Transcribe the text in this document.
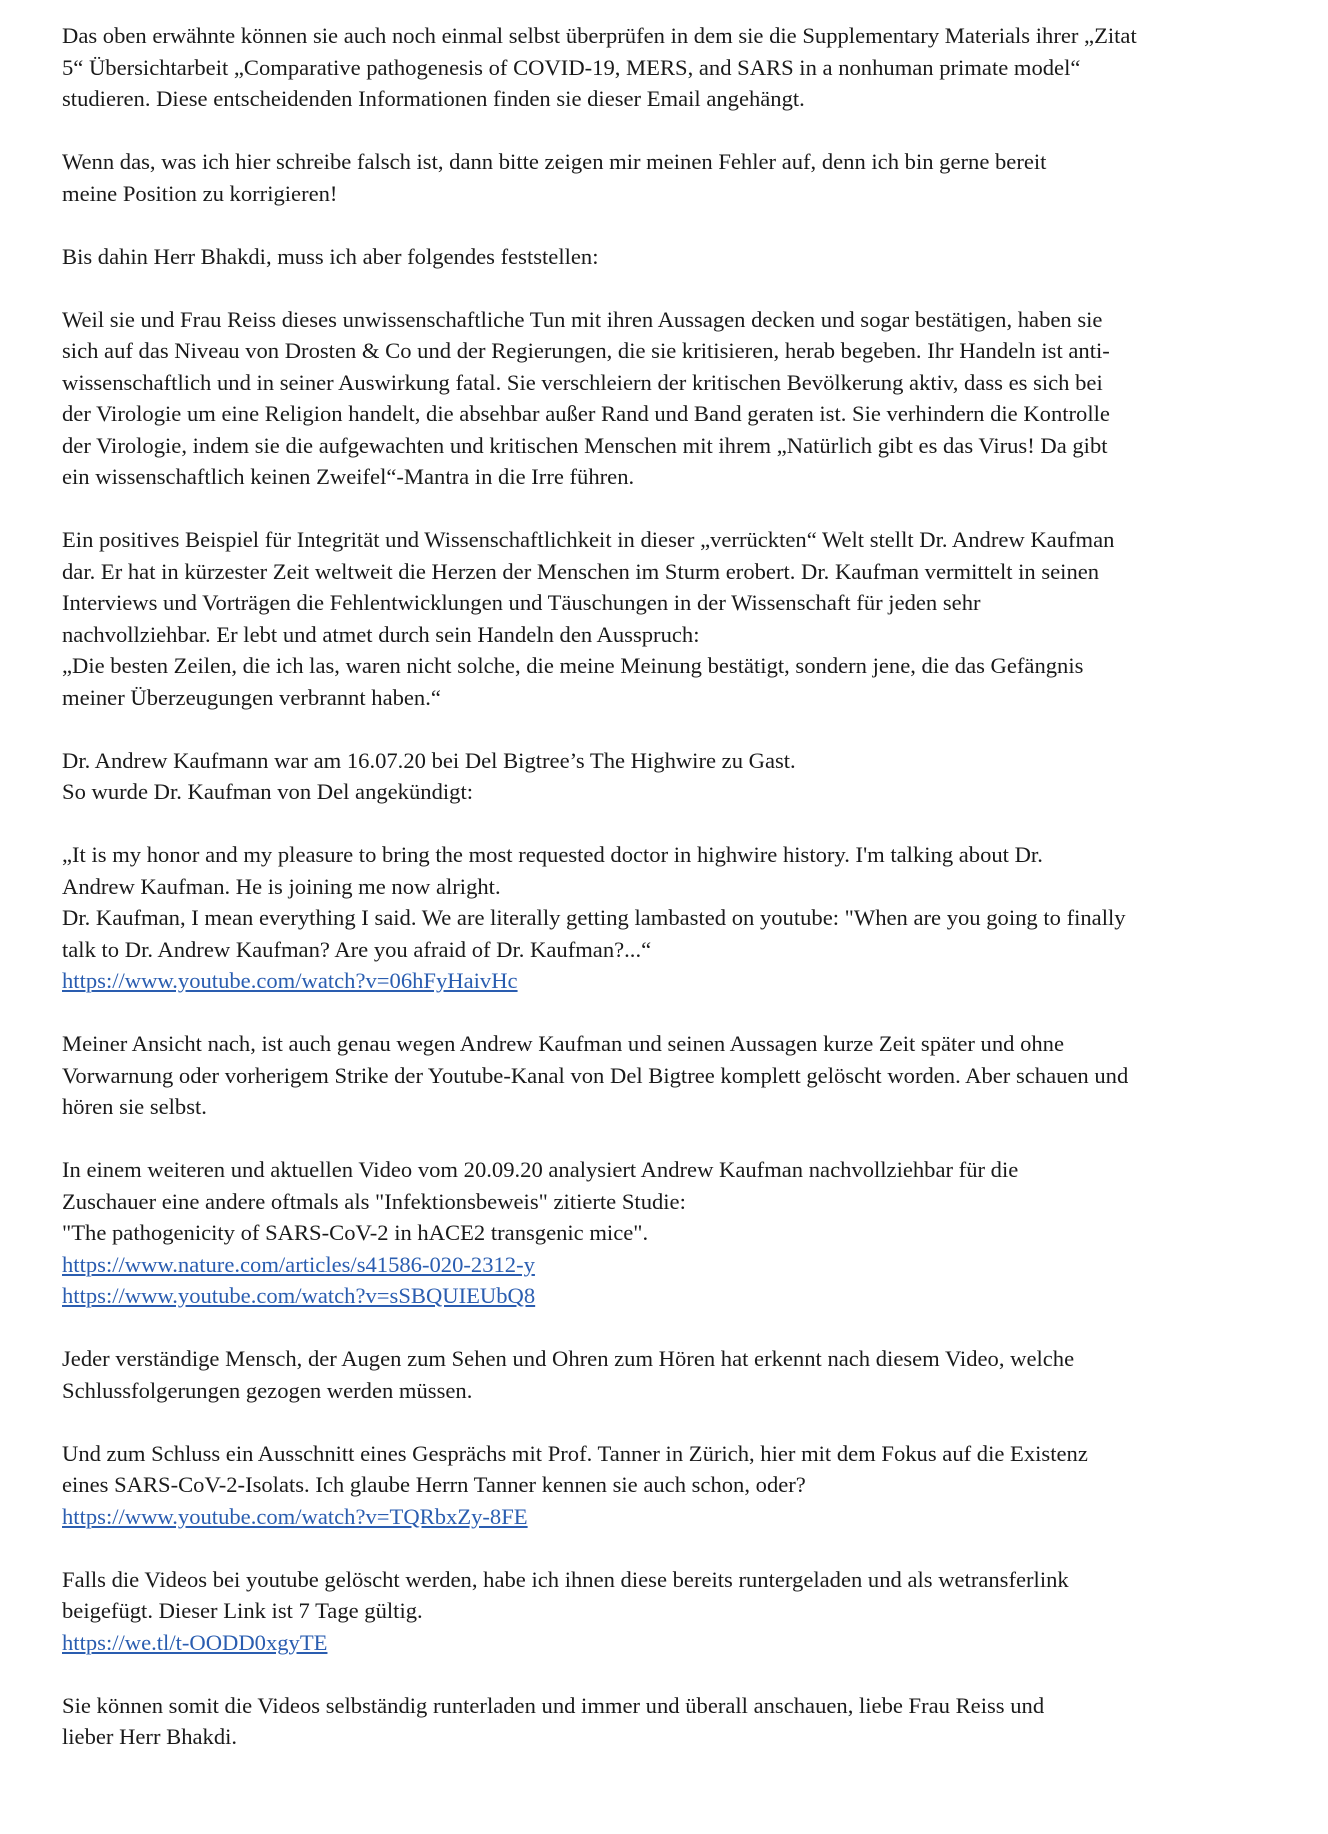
Das oben erwähnte können sie auch noch einmal selbst überprüfen in dem sie die Supplementary Materials ihrer „Zitat
5“ Übersichtarbeit „Comparative pathogenesis of COVID-19, MERS, and SARS in a nonhuman primate model“
studieren. Diese entscheidenden Informationen finden sie dieser Email angehängt.
Wenn das, was ich hier schreibe falsch ist, dann bitte zeigen mir meinen Fehler auf, denn ich bin gerne bereit
meine Position zu korrigieren!
Bis dahin Herr Bhakdi, muss ich aber folgendes feststellen:
Weil sie und Frau Reiss dieses unwissenschaftliche Tun mit ihren Aussagen decken und sogar bestätigen, haben sie
sich auf das Niveau von Drosten & Co und der Regierungen, die sie kritisieren, herab begeben. Ihr Handeln ist anti-
wissenschaftlich und in seiner Auswirkung fatal. Sie verschleiern der kritischen Bevölkerung aktiv, dass es sich bei
der Virologie um eine Religion handelt, die absehbar außer Rand und Band geraten ist. Sie verhindern die Kontrolle
der Virologie, indem sie die aufgewachten und kritischen Menschen mit ihrem „Natürlich gibt es das Virus! Da gibt
ein wissenschaftlich keinen Zweifel“-Mantra in die Irre führen.
Ein positives Beispiel für Integrität und Wissenschaftlichkeit in dieser „verrückten“ Welt stellt Dr. Andrew Kaufman
dar. Er hat in kürzester Zeit weltweit die Herzen der Menschen im Sturm erobert. Dr. Kaufman vermittelt in seinen
Interviews und Vorträgen die Fehlentwicklungen und Täuschungen in der Wissenschaft für jeden sehr
nachvollziehbar. Er lebt und atmet durch sein Handeln den Ausspruch:
„Die besten Zeilen, die ich las, waren nicht solche, die meine Meinung bestätigt, sondern jene, die das Gefängnis
meiner Überzeugungen verbrannt haben.“
Dr. Andrew Kaufmann war am 16.07.20 bei Del Bigtree’s The Highwire zu Gast.
So wurde Dr. Kaufman von Del angekündigt:
„It is my honor and my pleasure to bring the most requested doctor in highwire history. I'm talking about Dr.
Andrew Kaufman. He is joining me now alright.
Dr. Kaufman, I mean everything I said. We are literally getting lambasted on youtube: "When are you going to finally
talk to Dr. Andrew Kaufman? Are you afraid of Dr. Kaufman?...“
https://www.youtube.com/watch?v=06hFyHaivHc
Meiner Ansicht nach, ist auch genau wegen Andrew Kaufman und seinen Aussagen kurze Zeit später und ohne
Vorwarnung oder vorherigem Strike der Youtube-Kanal von Del Bigtree komplett gelöscht worden. Aber schauen und
hören sie selbst.
In einem weiteren und aktuellen Video vom 20.09.20 analysiert Andrew Kaufman nachvollziehbar für die
Zuschauer eine andere oftmals als "Infektionsbeweis" zitierte Studie:
"The pathogenicity of SARS-CoV-2 in hACE2 transgenic mice".
https://www.nature.com/articles/s41586-020-2312-y
https://www.youtube.com/watch?v=sSBQUIEUbQ8
Jeder verständige Mensch, der Augen zum Sehen und Ohren zum Hören hat erkennt nach diesem Video, welche
Schlussfolgerungen gezogen werden müssen.
Und zum Schluss ein Ausschnitt eines Gesprächs mit Prof. Tanner in Zürich, hier mit dem Fokus auf die Existenz
eines SARS-CoV-2-Isolats. Ich glaube Herrn Tanner kennen sie auch schon, oder?
https://www.youtube.com/watch?v=TQRbxZy-8FE
Falls die Videos bei youtube gelöscht werden, habe ich ihnen diese bereits runtergeladen und als wetransferlink
beigefügt. Dieser Link ist 7 Tage gültig.
https://we.tl/t-OODD0xgyTE
Sie können somit die Videos selbständig runterladen und immer und überall anschauen, liebe Frau Reiss und
lieber Herr Bhakdi.
